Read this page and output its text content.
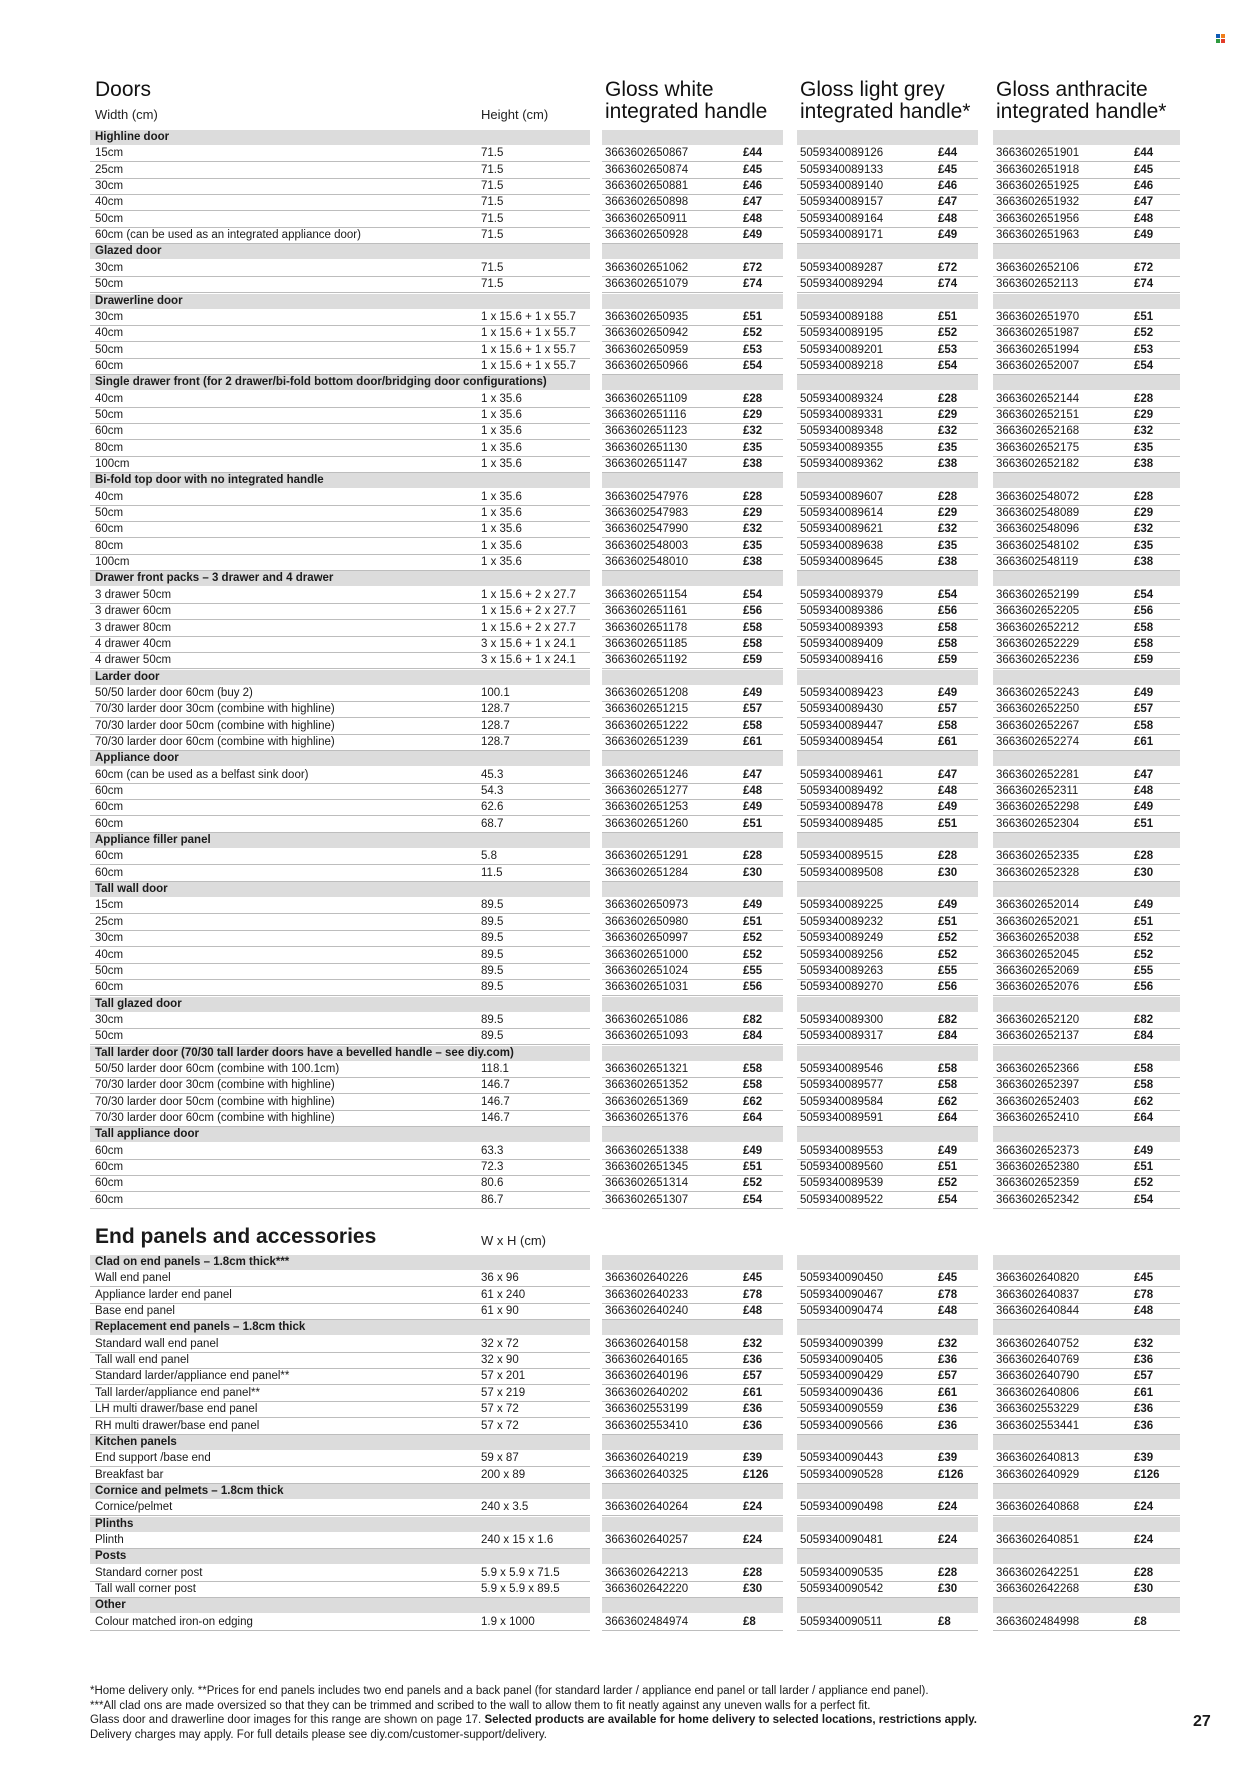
Doors
Width (cm)	Height (cm)
Gloss white
integrated handle
Gloss light grey
integrated handle*
Gloss anthracite
integrated handle*
Highline door
15cm	71.5	3663602650867	£44	5059340089126	£44	3663602651901	£44
25cm	71.5	3663602650874	£45	5059340089133	£45	3663602651918	£45
30cm	71.5	3663602650881	£46	5059340089140	£46	3663602651925	£46
40cm	71.5	3663602650898	£47	5059340089157	£47	3663602651932	£47
50cm	71.5	3663602650911	£48	5059340089164	£48	3663602651956	£48
60cm (can be used as an integrated appliance door)	71.5	3663602650928	£49	5059340089171	£49	3663602651963	£49
Glazed door
30cm	71.5	3663602651062	£72	5059340089287	£72	3663602652106	£72
50cm	71.5	3663602651079	£74	5059340089294	£74	3663602652113	£74
Drawerline door
30cm	1 x 15.6 + 1 x 55.7	3663602650935	£51	5059340089188	£51	3663602651970	£51
40cm	1 x 15.6 + 1 x 55.7	3663602650942	£52	5059340089195	£52	3663602651987	£52
50cm	1 x 15.6 + 1 x 55.7	3663602650959	£53	5059340089201	£53	3663602651994	£53
60cm	1 x 15.6 + 1 x 55.7	3663602650966	£54	5059340089218	£54	3663602652007	£54
Single drawer front (for 2 drawer/bi-fold bottom door/bridging door configurations)
40cm	1 x 35.6	3663602651109	£28	5059340089324	£28	3663602652144	£28
50cm	1 x 35.6	3663602651116	£29	5059340089331	£29	3663602652151	£29
60cm	1 x 35.6	3663602651123	£32	5059340089348	£32	3663602652168	£32
80cm	1 x 35.6	3663602651130	£35	5059340089355	£35	3663602652175	£35
100cm	1 x 35.6	3663602651147	£38	5059340089362	£38	3663602652182	£38
Bi-fold top door with no integrated handle
40cm	1 x 35.6	3663602547976	£28	5059340089607	£28	3663602548072	£28
50cm	1 x 35.6	3663602547983	£29	5059340089614	£29	3663602548089	£29
60cm	1 x 35.6	3663602547990	£32	5059340089621	£32	3663602548096	£32
80cm	1 x 35.6	3663602548003	£35	5059340089638	£35	3663602548102	£35
100cm	1 x 35.6	3663602548010	£38	5059340089645	£38	3663602548119	£38
Drawer front packs – 3 drawer and 4 drawer
3 drawer 50cm	1 x 15.6 + 2 x 27.7	3663602651154	£54	5059340089379	£54	3663602652199	£54
3 drawer 60cm	1 x 15.6 + 2 x 27.7	3663602651161	£56	5059340089386	£56	3663602652205	£56
3 drawer 80cm	1 x 15.6 + 2 x 27.7	3663602651178	£58	5059340089393	£58	3663602652212	£58
4 drawer 40cm	3 x 15.6 + 1 x 24.1	3663602651185	£58	5059340089409	£58	3663602652229	£58
4 drawer 50cm	3 x 15.6 + 1 x 24.1	3663602651192	£59	5059340089416	£59	3663602652236	£59
Larder door
50/50 larder door 60cm (buy 2)	100.1	3663602651208	£49	5059340089423	£49	3663602652243	£49
70/30 larder door 30cm (combine with highline)	128.7	3663602651215	£57	5059340089430	£57	3663602652250	£57
70/30 larder door 50cm (combine with highline)	128.7	3663602651222	£58	5059340089447	£58	3663602652267	£58
70/30 larder door 60cm (combine with highline)	128.7	3663602651239	£61	5059340089454	£61	3663602652274	£61
Appliance door
60cm (can be used as a belfast sink door)	45.3	3663602651246	£47	5059340089461	£47	3663602652281	£47
60cm	54.3	3663602651277	£48	5059340089492	£48	3663602652311	£48
60cm	62.6	3663602651253	£49	5059340089478	£49	3663602652298	£49
60cm	68.7	3663602651260	£51	5059340089485	£51	3663602652304	£51
Appliance filler panel
60cm	5.8	3663602651291	£28	5059340089515	£28	3663602652335	£28
60cm	11.5	3663602651284	£30	5059340089508	£30	3663602652328	£30
Tall wall door
15cm	89.5	3663602650973	£49	5059340089225	£49	3663602652014	£49
25cm	89.5	3663602650980	£51	5059340089232	£51	3663602652021	£51
30cm	89.5	3663602650997	£52	5059340089249	£52	3663602652038	£52
40cm	89.5	3663602651000	£52	5059340089256	£52	3663602652045	£52
50cm	89.5	3663602651024	£55	5059340089263	£55	3663602652069	£55
60cm	89.5	3663602651031	£56	5059340089270	£56	3663602652076	£56
Tall glazed door
30cm	89.5	3663602651086	£82	5059340089300	£82	3663602652120	£82
50cm	89.5	3663602651093	£84	5059340089317	£84	3663602652137	£84
Tall larder door (70/30 tall larder doors have a bevelled handle – see diy.com)
50/50 larder door 60cm (combine with 100.1cm)	118.1	3663602651321	£58	5059340089546	£58	3663602652366	£58
70/30 larder door 30cm (combine with highline)	146.7	3663602651352	£58	5059340089577	£58	3663602652397	£58
70/30 larder door 50cm (combine with highline)	146.7	3663602651369	£62	5059340089584	£62	3663602652403	£62
70/30 larder door 60cm (combine with highline)	146.7	3663602651376	£64	5059340089591	£64	3663602652410	£64
Tall appliance door
60cm	63.3	3663602651338	£49	5059340089553	£49	3663602652373	£49
60cm	72.3	3663602651345	£51	5059340089560	£51	3663602652380	£51
60cm	80.6	3663602651314	£52	5059340089539	£52	3663602652359	£52
60cm	86.7	3663602651307	£54	5059340089522	£54	3663602652342	£54
End panels and accessories	W x H (cm)
Clad on end panels – 1.8cm thick***
Wall end panel	36 x 96	3663602640226	£45	5059340090450	£45	3663602640820	£45
Appliance larder end panel	61 x 240	3663602640233	£78	5059340090467	£78	3663602640837	£78
Base end panel	61 x 90	3663602640240	£48	5059340090474	£48	3663602640844	£48
Replacement end panels – 1.8cm thick
Standard wall end panel	32 x 72	3663602640158	£32	5059340090399	£32	3663602640752	£32
Tall wall end panel	32 x 90	3663602640165	£36	5059340090405	£36	3663602640769	£36
Standard larder/appliance end panel**	57 x 201	3663602640196	£57	5059340090429	£57	3663602640790	£57
Tall larder/appliance end panel**	57 x 219	3663602640202	£61	5059340090436	£61	3663602640806	£61
LH multi drawer/base end panel	57 x 72	3663602553199	£36	5059340090559	£36	3663602553229	£36
RH multi drawer/base end panel	57 x 72	3663602553410	£36	5059340090566	£36	3663602553441	£36
Kitchen panels
End support /base end	59 x 87	3663602640219	£39	5059340090443	£39	3663602640813	£39
Breakfast bar	200 x 89	3663602640325	£126	5059340090528	£126	3663602640929	£126
Cornice and pelmets – 1.8cm thick
Cornice/pelmet	240 x 3.5	3663602640264	£24	5059340090498	£24	3663602640868	£24
Plinths
Plinth	240 x 15 x 1.6	3663602640257	£24	5059340090481	£24	3663602640851	£24
Posts
Standard corner post	5.9 x 5.9 x 71.5	3663602642213	£28	5059340090535	£28	3663602642251	£28
Tall wall corner post	5.9 x 5.9 x 89.5	3663602642220	£30	5059340090542	£30	3663602642268	£30
Other
Colour matched iron-on edging	1.9 x 1000	3663602484974	£8	5059340090511	£8	3663602484998	£8
*Home delivery only. **Prices for end panels includes two end panels and a back panel (for standard larder / appliance end panel or tall larder / appliance end panel).
***All clad ons are made oversized so that they can be trimmed and scribed to the wall to allow them to fit neatly against any uneven walls for a perfect fit.
Glass door and drawerline door images for this range are shown on page 17. Selected products are available for home delivery to selected locations, restrictions apply.
Delivery charges may apply. For full details please see diy.com/customer-support/delivery.
27
